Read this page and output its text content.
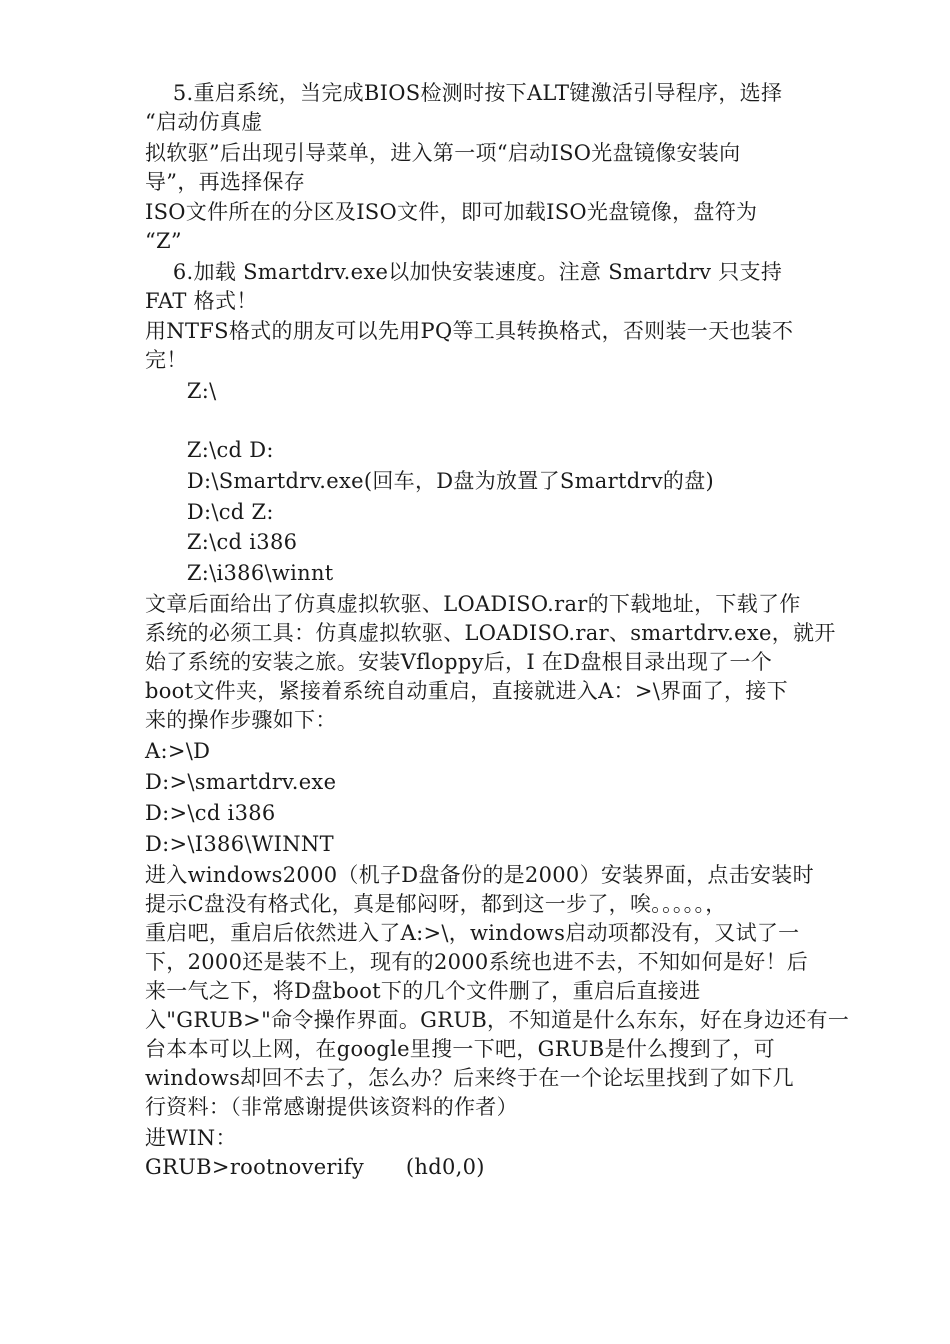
5.重启系统，当完成BIOS检测时按下ALT键激活引导程序，选择
“启动仿真虚
拟软驱”后出现引导菜单，进入第一项“启动ISO光盘镜像安装向
导”，再选择保存
ISO文件所在的分区及ISO文件，即可加载ISO光盘镜像，盘符为
“Z”
6.加载 Smartdrv.exe以加快安装速度。注意 Smartdrv 只支持
FAT 格式！
用NTFS格式的朋友可以先用PQ等工具转换格式，否则装一天也装不
完！
Z:\
Z:\cd D:
D:\Smartdrv.exe(回车，D盘为放置了Smartdrv的盘)
D:\cd Z:
Z:\cd i386
Z:\i386\winnt
文章后面给出了仿真虚拟软驱、LOADISO.rar的下载地址，下载了作
系统的必须工具：仿真虚拟软驱、LOADISO.rar、smartdrv.exe，就开
始了系统的安装之旅。安装Vfloppy后，I 在D盘根目录出现了一个
boot文件夹，紧接着系统自动重启，直接就进入A：>\界面了，接下
来的操作步骤如下：
A:>\D
D:>\smartdrv.exe
D:>\cd i386
D:>\I386\WINNT
进入windows2000（机子D盘备份的是2000）安装界面，点击安装时
提示C盘没有格式化，真是郁闷呀，都到这一步了，唉。。。。。，
重启吧，重启后依然进入了A:>\，windows启动项都没有，又试了一
下，2000还是装不上，现有的2000系统也进不去，不知如何是好！后
来一气之下，将D盘boot下的几个文件删了，重启后直接进
入"GRUB>"命令操作界面。GRUB，不知道是什么东东，好在身边还有一
台本本可以上网，在google里搜一下吧，GRUB是什么搜到了，可
windows却回不去了，怎么办？后来终于在一个论坛里找到了如下几
行资料：（非常感谢提供该资料的作者）
进WIN：
GRUB>rootnoverify      (hd0,0)
